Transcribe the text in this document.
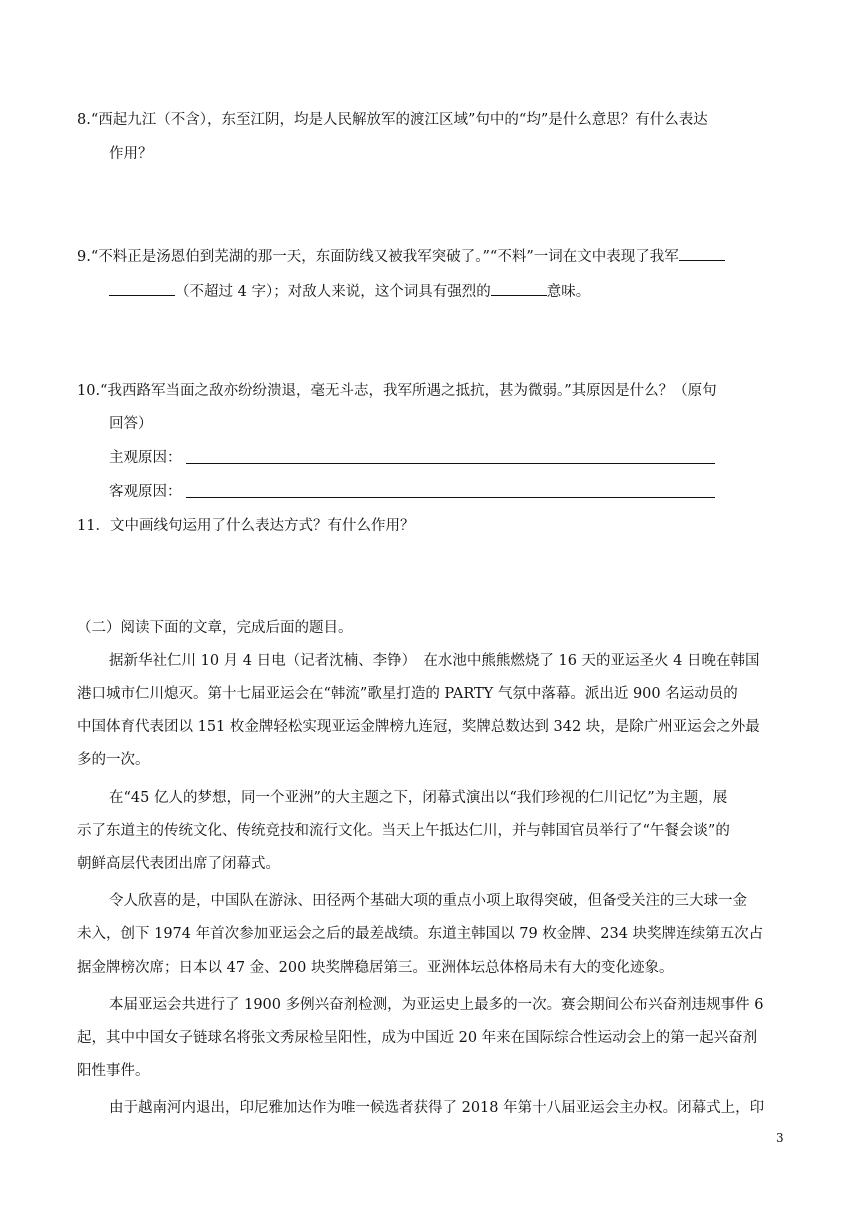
8.“西起九江（不含），东至江阴，均是人民解放军的渡江区域”句中的“均”是什么意思？有什么表达
作用？
9.“不料正是汤恩伯到芜湖的那一天，东面防线又被我军突破了。”“不料”一词在文中表现了我军
（不超过 4 字）；对敌人来说，这个词具有强烈的	意味。
10.“我西路军当面之敌亦纷纷溃退，毫无斗志，我军所遇之抵抗，甚为微弱。”其原因是什么？（原句
回答）
主观原因：
客观原因：
11．文中画线句运用了什么表达方式？有什么作用？
（二）阅读下面的文章，完成后面的题目。
据新华社仁川 10 月 4 日电（记者沈楠、李铮）　在水池中熊熊燃烧了 16 天的亚运圣火 4 日晚在韩国
港口城市仁川熄灭。第十七届亚运会在“韩流”歌星打造的 PARTY 气氛中落幕。派出近 900 名运动员的
中国体育代表团以 151 枚金牌轻松实现亚运金牌榜九连冠，奖牌总数达到 342 块，是除广州亚运会之外最
多的一次。
在“45 亿人的梦想，同一个亚洲”的大主题之下，闭幕式演出以“我们珍视的仁川记忆”为主题，展
示了东道主的传统文化、传统竞技和流行文化。当天上午抵达仁川，并与韩国官员举行了“午餐会谈”的
朝鲜高层代表团出席了闭幕式。
令人欣喜的是，中国队在游泳、田径两个基础大项的重点小项上取得突破，但备受关注的三大球一金
未入，创下 1974 年首次参加亚运会之后的最差战绩。东道主韩国以 79 枚金牌、234 块奖牌连续第五次占
据金牌榜次席；日本以 47 金、200 块奖牌稳居第三。亚洲体坛总体格局未有大的变化迹象。
本届亚运会共进行了 1900 多例兴奋剂检测，为亚运史上最多的一次。赛会期间公布兴奋剂违规事件 6
起，其中中国女子链球名将张文秀尿检呈阳性，成为中国近 20 年来在国际综合性运动会上的第一起兴奋剂
阳性事件。
由于越南河内退出，印尼雅加达作为唯一候选者获得了 2018 年第十八届亚运会主办权。闭幕式上，印
3
